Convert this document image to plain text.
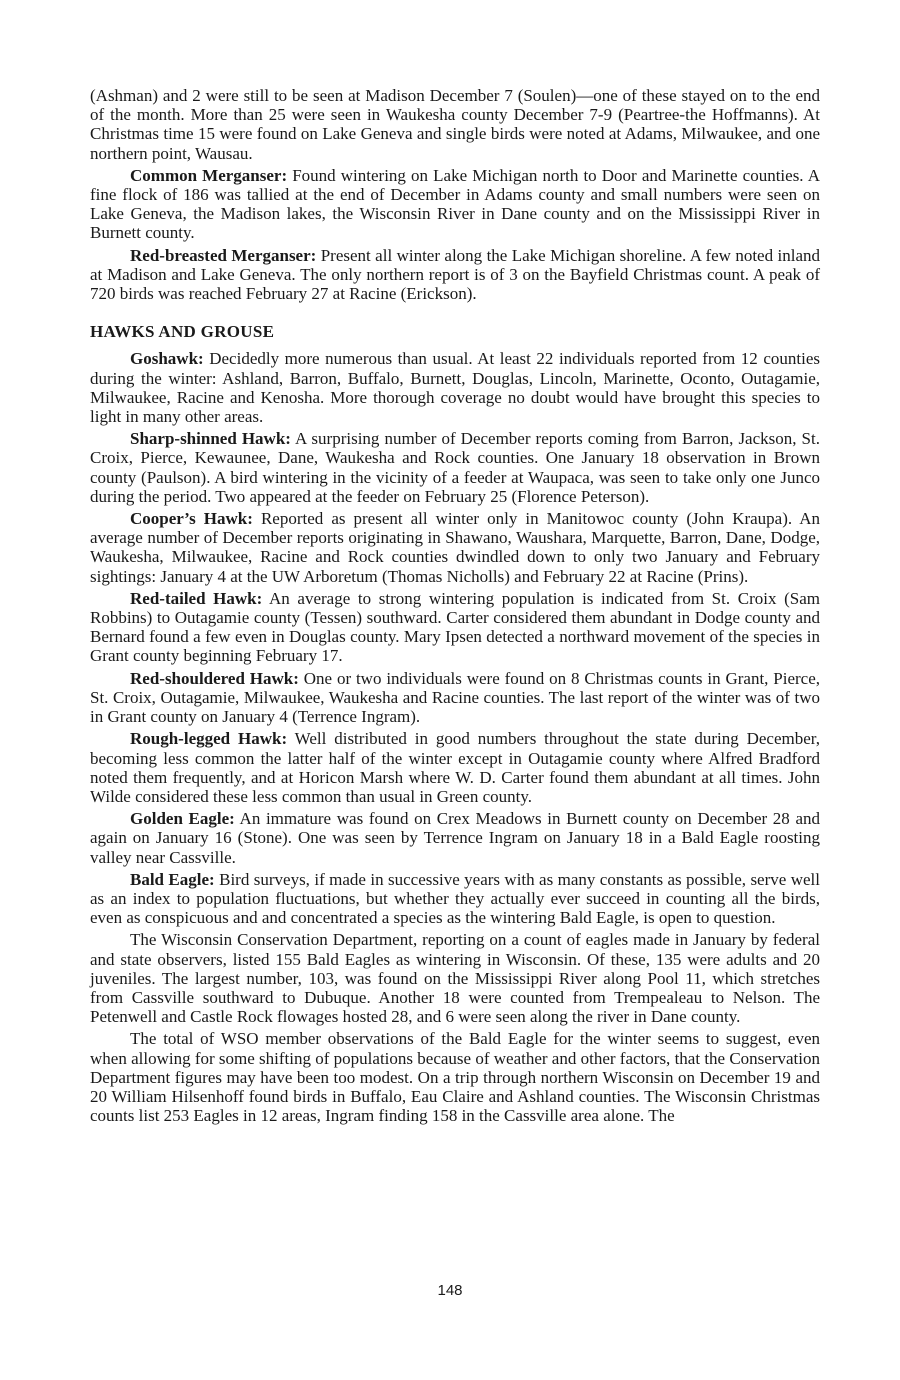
(Ashman) and 2 were still to be seen at Madison December 7 (Soulen)—one of these stayed on to the end of the month. More than 25 were seen in Waukesha county December 7-9 (Peartree-the Hoffmanns). At Christmas time 15 were found on Lake Geneva and single birds were noted at Adams, Milwaukee, and one northern point, Wausau.

Common Merganser: Found wintering on Lake Michigan north to Door and Marinette counties. A fine flock of 186 was tallied at the end of December in Adams county and small numbers were seen on Lake Geneva, the Madison lakes, the Wisconsin River in Dane county and on the Mississippi River in Burnett county.

Red-breasted Merganser: Present all winter along the Lake Michigan shoreline. A few noted inland at Madison and Lake Geneva. The only northern report is of 3 on the Bayfield Christmas count. A peak of 720 birds was reached February 27 at Racine (Erickson).

HAWKS AND GROUSE

Goshawk: Decidedly more numerous than usual. At least 22 individuals reported from 12 counties during the winter: Ashland, Barron, Buffalo, Burnett, Douglas, Lincoln, Marinette, Oconto, Outagamie, Milwaukee, Racine and Kenosha. More thorough coverage no doubt would have brought this species to light in many other areas.

Sharp-shinned Hawk: A surprising number of December reports coming from Barron, Jackson, St. Croix, Pierce, Kewaunee, Dane, Waukesha and Rock counties. One January 18 observation in Brown county (Paulson). A bird wintering in the vicinity of a feeder at Waupaca, was seen to take only one Junco during the period. Two appeared at the feeder on February 25 (Florence Peterson).

Cooper’s Hawk: Reported as present all winter only in Manitowoc county (John Kraupa). An average number of December reports originating in Shawano, Waushara, Marquette, Barron, Dane, Dodge, Waukesha, Milwaukee, Racine and Rock counties dwindled down to only two January and February sightings: January 4 at the UW Arboretum (Thomas Nicholls) and February 22 at Racine (Prins).

Red-tailed Hawk: An average to strong wintering population is indicated from St. Croix (Sam Robbins) to Outagamie county (Tessen) southward. Carter considered them abundant in Dodge county and Bernard found a few even in Douglas county. Mary Ipsen detected a northward movement of the species in Grant county beginning February 17.

Red-shouldered Hawk: One or two individuals were found on 8 Christmas counts in Grant, Pierce, St. Croix, Outagamie, Milwaukee, Waukesha and Racine counties. The last report of the winter was of two in Grant county on January 4 (Terrence Ingram).

Rough-legged Hawk: Well distributed in good numbers throughout the state during December, becoming less common the latter half of the winter except in Outagamie county where Alfred Bradford noted them frequently, and at Horicon Marsh where W. D. Carter found them abundant at all times. John Wilde considered these less common than usual in Green county.

Golden Eagle: An immature was found on Crex Meadows in Burnett county on December 28 and again on January 16 (Stone). One was seen by Terrence Ingram on January 18 in a Bald Eagle roosting valley near Cassville.

Bald Eagle: Bird surveys, if made in successive years with as many constants as possible, serve well as an index to population fluctuations, but whether they actually ever succeed in counting all the birds, even as conspicuous and and concentrated a species as the wintering Bald Eagle, is open to question.

The Wisconsin Conservation Department, reporting on a count of eagles made in January by federal and state observers, listed 155 Bald Eagles as wintering in Wisconsin. Of these, 135 were adults and 20 juveniles. The largest number, 103, was found on the Mississippi River along Pool 11, which stretches from Cassville southward to Dubuque. Another 18 were counted from Trempealeau to Nelson. The Petenwell and Castle Rock flowages hosted 28, and 6 were seen along the river in Dane county.

The total of WSO member observations of the Bald Eagle for the winter seems to suggest, even when allowing for some shifting of populations because of weather and other factors, that the Conservation Department figures may have been too modest. On a trip through northern Wisconsin on December 19 and 20 William Hilsenhoff found birds in Buffalo, Eau Claire and Ashland counties. The Wisconsin Christmas counts list 253 Eagles in 12 areas, Ingram finding 158 in the Cassville area alone. The

148
